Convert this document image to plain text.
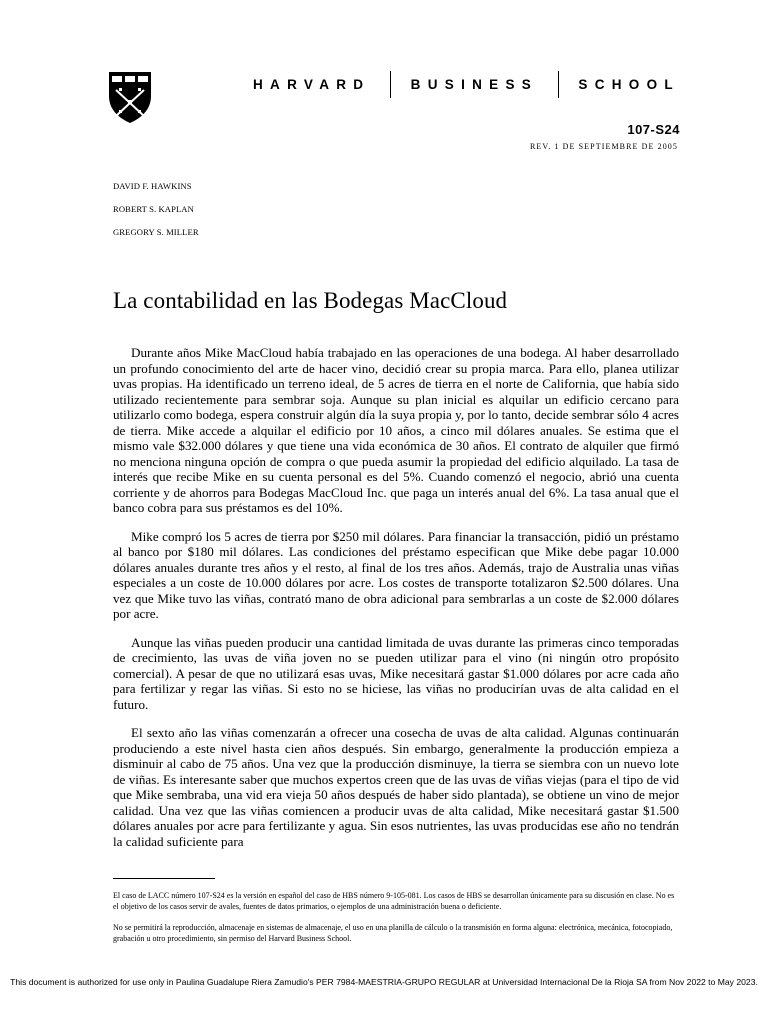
HARVARD	BUSINESS	SCHOOL
107-S24
REV. 1 DE SEPTIEMBRE DE 2005
DAVID F. HAWKINS
ROBERT S. KAPLAN
GREGORY S. MILLER
La contabilidad en las Bodegas MacCloud

Durante años Mike MacCloud había trabajado en las operaciones de una bodega. Al haber desarrollado un profundo conocimiento del arte de hacer vino, decidió crear su propia marca. Para ello, planea utilizar uvas propias. Ha identificado un terreno ideal, de 5 acres de tierra en el norte de California, que había sido utilizado recientemente para sembrar soja. Aunque su plan inicial es alquilar un edificio cercano para utilizarlo como bodega, espera construir algún día la suya propia y, por lo tanto, decide sembrar sólo 4 acres de tierra. Mike accede a alquilar el edificio por 10 años, a cinco mil dólares anuales. Se estima que el mismo vale $32.000 dólares y que tiene una vida económica de 30 años. El contrato de alquiler que firmó no menciona ninguna opción de compra o que pueda asumir la propiedad del edificio alquilado. La tasa de interés que recibe Mike en su cuenta personal es del 5%. Cuando comenzó el negocio, abrió una cuenta corriente y de ahorros para Bodegas MacCloud Inc. que paga un interés anual del 6%. La tasa anual que el banco cobra para sus préstamos es del 10%.

Mike compró los 5 acres de tierra por $250 mil dólares. Para financiar la transacción, pidió un préstamo al banco por $180 mil dólares. Las condiciones del préstamo especifican que Mike debe pagar 10.000 dólares anuales durante tres años y el resto, al final de los tres años. Además, trajo de Australia unas viñas especiales a un coste de 10.000 dólares por acre. Los costes de transporte totalizaron $2.500 dólares. Una vez que Mike tuvo las viñas, contrató mano de obra adicional para sembrarlas a un coste de $2.000 dólares por acre.

Aunque las viñas pueden producir una cantidad limitada de uvas durante las primeras cinco temporadas de crecimiento, las uvas de viña joven no se pueden utilizar para el vino (ni ningún otro propósito comercial). A pesar de que no utilizará esas uvas, Mike necesitará gastar $1.000 dólares por acre cada año para fertilizar y regar las viñas. Si esto no se hiciese, las viñas no producirían uvas de alta calidad en el futuro.

El sexto año las viñas comenzarán a ofrecer una cosecha de uvas de alta calidad. Algunas continuarán produciendo a este nivel hasta cien años después. Sin embargo, generalmente la producción empieza a disminuir al cabo de 75 años. Una vez que la producción disminuye, la tierra se siembra con un nuevo lote de viñas. Es interesante saber que muchos expertos creen que de las uvas de viñas viejas (para el tipo de vid que Mike sembraba, una vid era vieja 50 años después de haber sido plantada), se obtiene un vino de mejor calidad. Una vez que las viñas comiencen a producir uvas de alta calidad, Mike necesitará gastar $1.500 dólares anuales por acre para fertilizante y agua. Sin esos nutrientes, las uvas producidas ese año no tendrán la calidad suficiente para

El caso de LACC número 107-S24 es la versión en español del caso de HBS número 9-105-081. Los casos de HBS se desarrollan únicamente para su discusión en clase. No es el objetivo de los casos servir de avales, fuentes de datos primarios, o ejemplos de una administración buena o deficiente.

No se permitirá la reproducción, almacenaje en sistemas de almacenaje, el uso en una planilla de cálculo o la transmisión en forma alguna: electrónica, mecánica, fotocopiado, grabación u otro procedimiento, sin permiso del Harvard Business School.

This document is authorized for use only in Paulina Guadalupe Riera Zamudio's PER 7984-MAESTRIA-GRUPO REGULAR at Universidad Internacional De la Rioja SA from Nov 2022 to May 2023.
